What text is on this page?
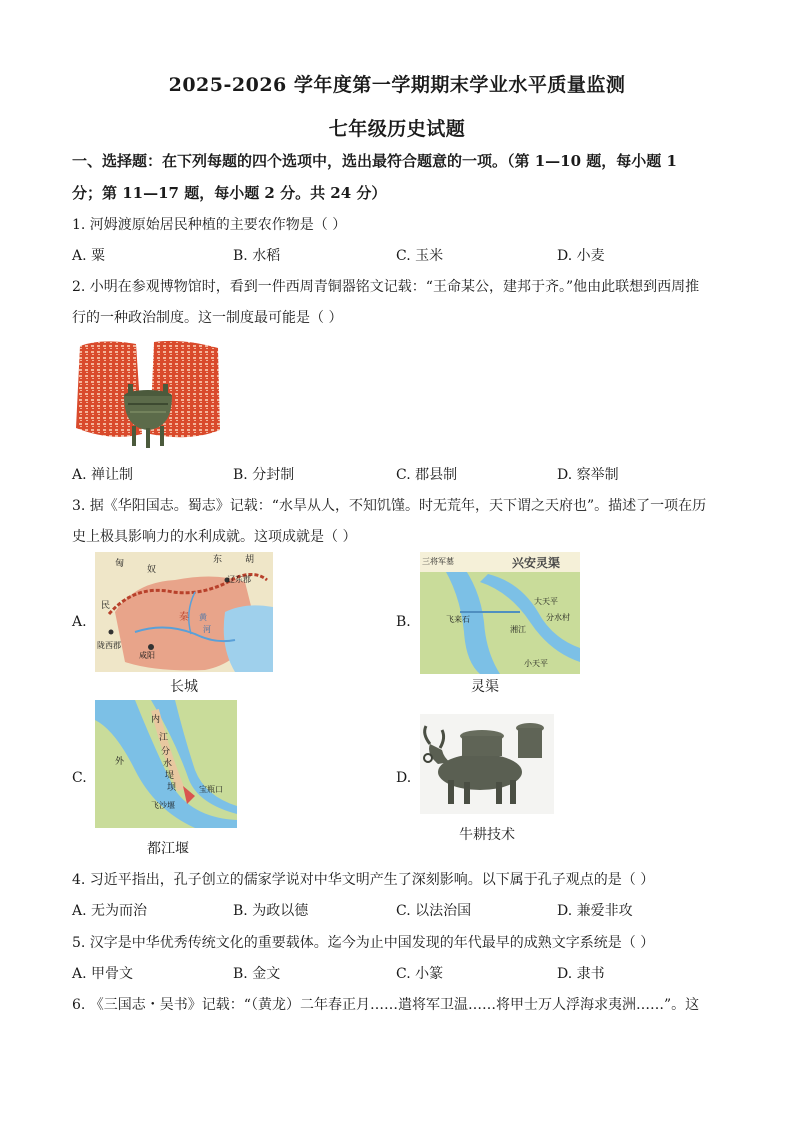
2025-2026 学年度第一学期期末学业水平质量监测
七年级历史试题
一、选择题：在下列每题的四个选项中，选出最符合题意的一项。（第 1—10 题，每小题 1
分；第 11—17 题，每小题 2 分。共 24 分）
1. 河姆渡原始居民种植的主要农作物是（ ）
A. 粟	B. 水稻	C. 玉米	D. 小麦
2. 小明在参观博物馆时，看到一件西周青铜器铭文记载：“王命某公，建邦于齐。”他由此联想到西周推
行的一种政治制度。这一制度最可能是（ ）
A. 禅让制	B. 分封制	C. 郡县制	D. 察举制
3. 据《华阳国志。蜀志》记载：“水旱从人，不知饥馑。时无荒年，天下谓之天府也”。描述了一项在历
史上极具影响力的水利成就。这项成就是（ ）
A.
匈
奴
东	胡
辽东郡
秦
民
咸阳
陇西郡
黄
河
长城
B.
兴安灵渠
三将军墓
湘江
大天平
分水村
飞来石
小天平
灵渠
C.
内
江
外
分
水
堤
坝	宝瓶口
飞沙堰
都江堰
D.
牛耕技术
4. 习近平指出，孔子创立的儒家学说对中华文明产生了深刻影响。以下属于孔子观点的是（ ）
A. 无为而治	B. 为政以德	C. 以法治国	D. 兼爱非攻
5. 汉字是中华优秀传统文化的重要载体。迄今为止中国发现的年代最早的成熟文字系统是（ ）
A. 甲骨文	B. 金文	C. 小篆	D. 隶书
6. 《三国志・吴书》记载：“（黄龙）二年春正月……遣将军卫温……将甲士万人浮海求夷洲……”。这
